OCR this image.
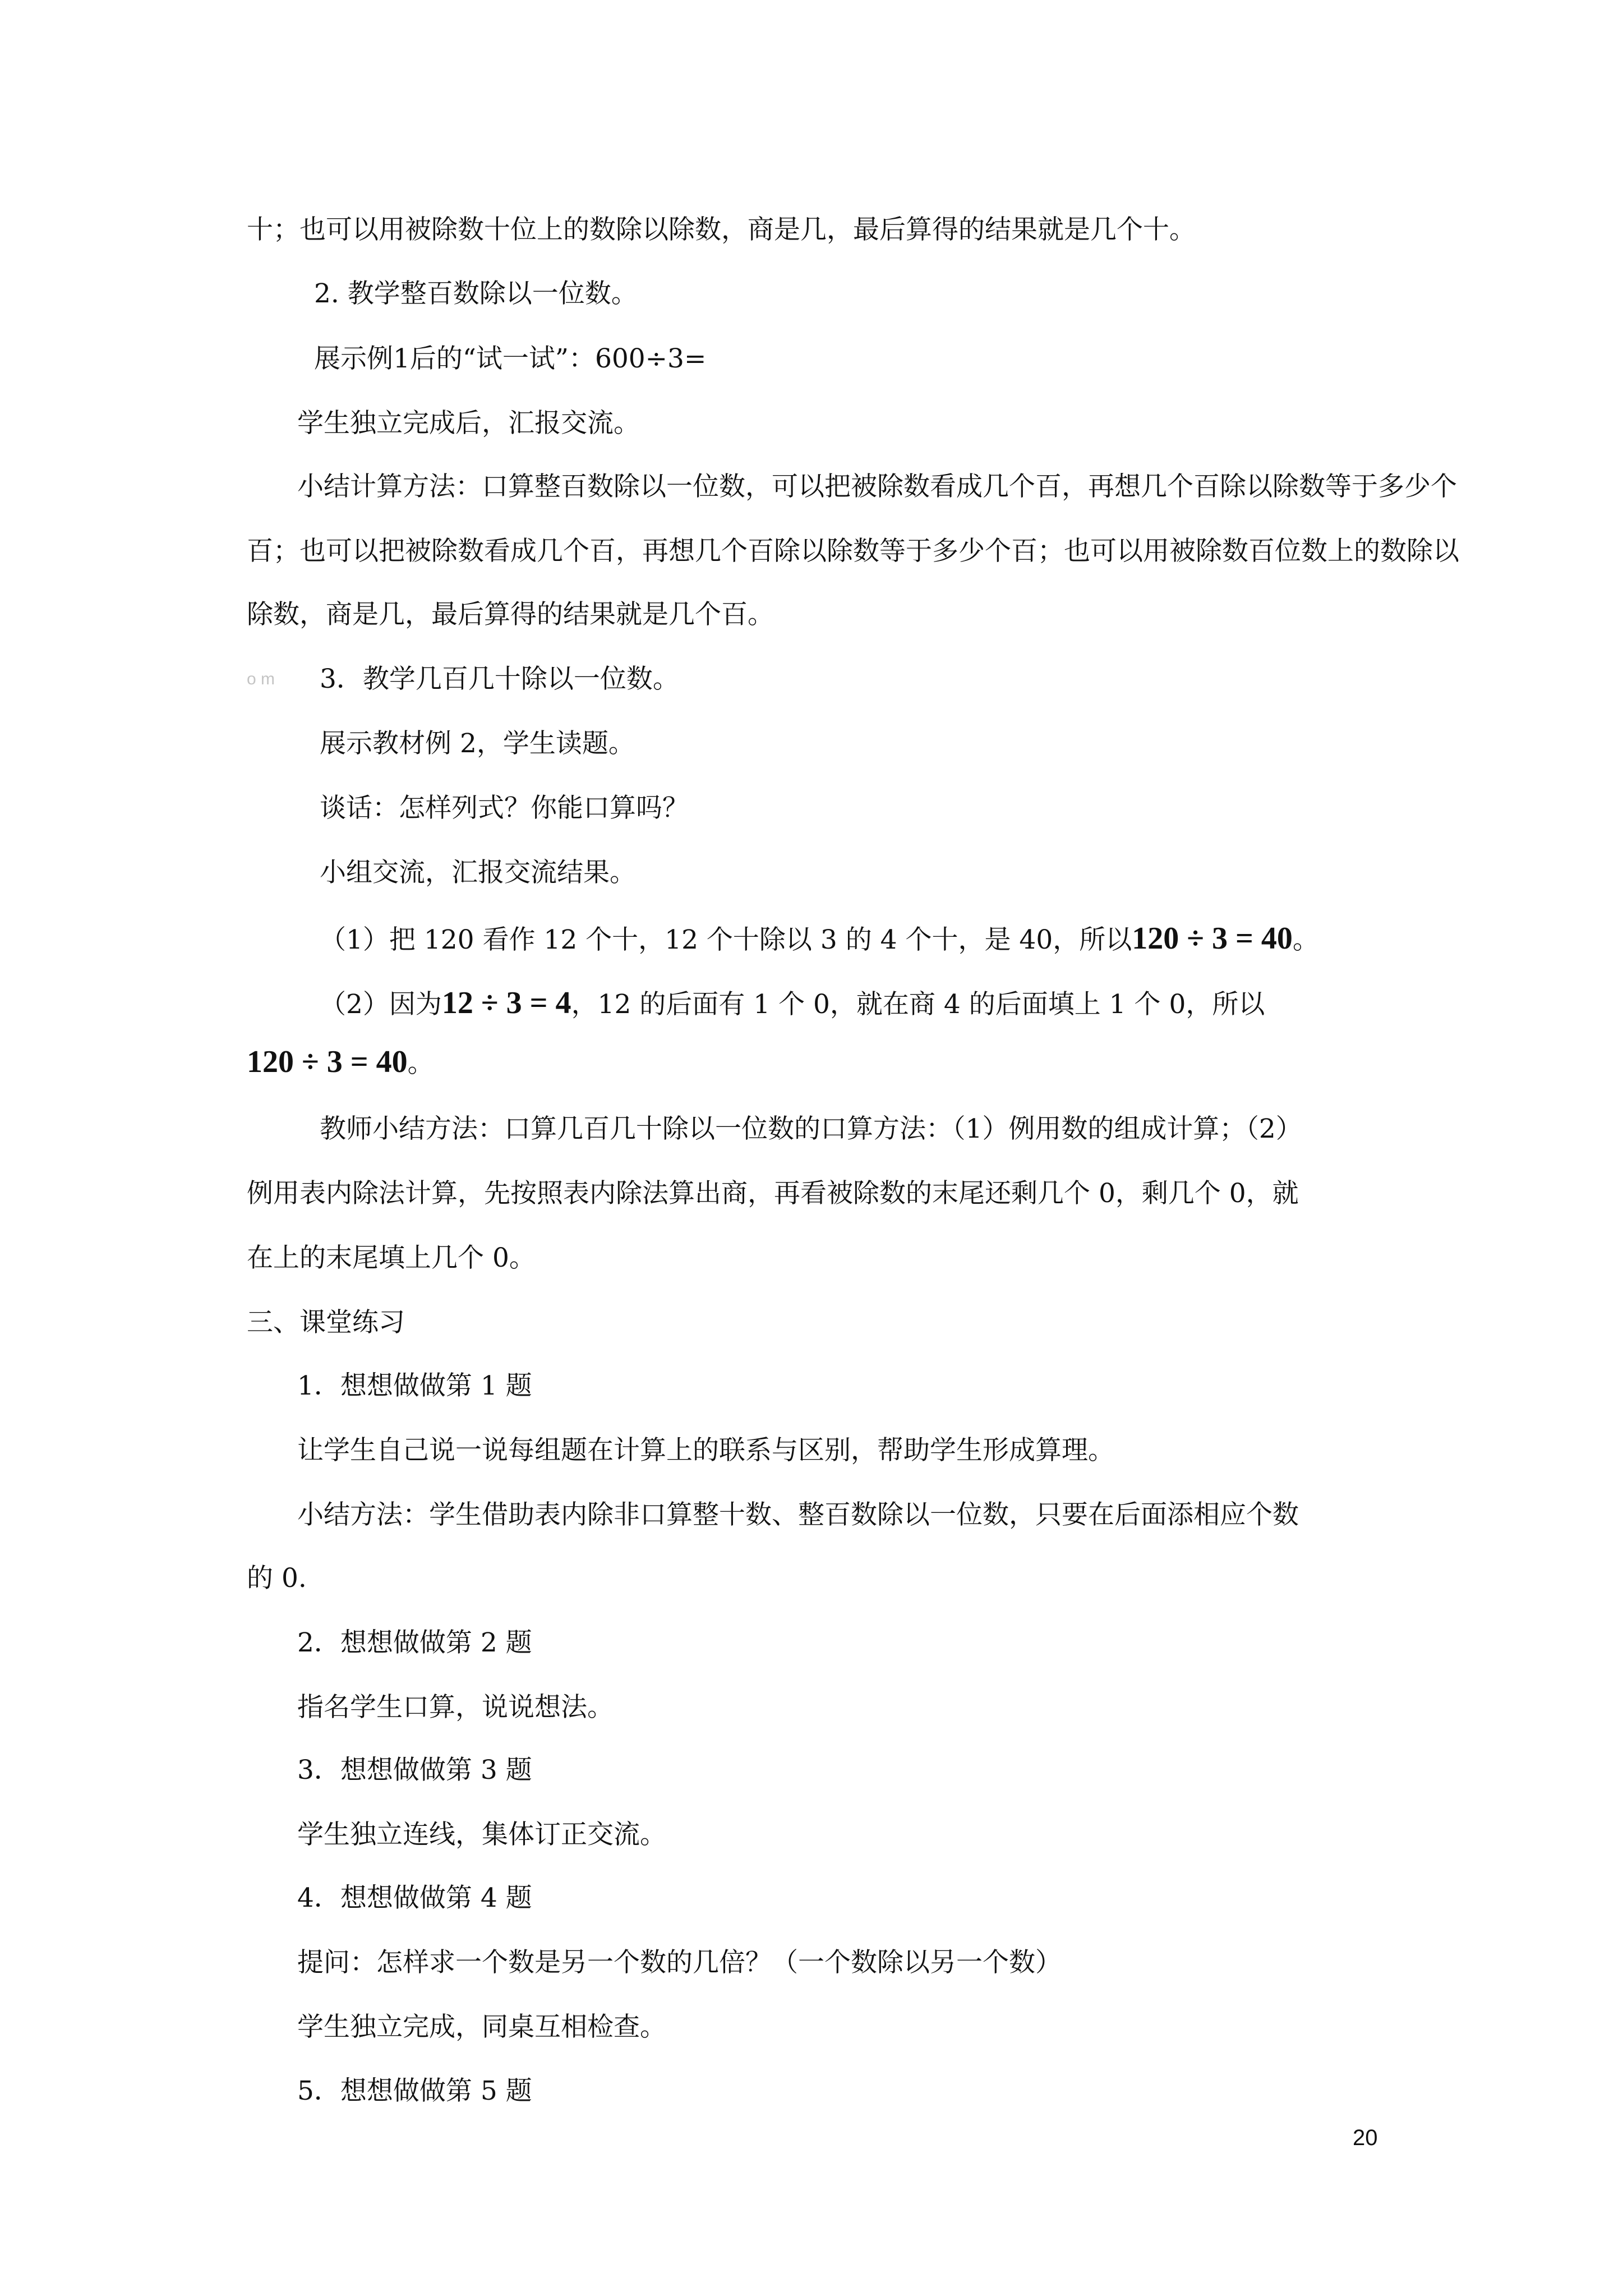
十；也可以用被除数十位上的数除以除数，商是几，最后算得的结果就是几个十。
2. 教学整百数除以一位数。
展示例1后的“试一试”：600÷3=
学生独立完成后，汇报交流。
小结计算方法：口算整百数除以一位数，可以把被除数看成几个百，再想几个百除以除数等于多少个
百；也可以把被除数看成几个百，再想几个百除以除数等于多少个百；也可以用被除数百位数上的数除以
除数，商是几，最后算得的结果就是几个百。
o m 3．教学几百几十除以一位数。
展示教材例 2，学生读题。
谈话：怎样列式？你能口算吗？
小组交流，汇报交流结果。
（1）把 120 看作 12 个十，12 个十除以 3 的 4 个十，是 40，所以120 ÷ 3 = 40。
（2）因为12 ÷ 3 = 4，12 的后面有 1 个 0，就在商 4 的后面填上 1 个 0，所以
120 ÷ 3 = 40。
教师小结方法：口算几百几十除以一位数的口算方法：（1）例用数的组成计算；（2）
例用表内除法计算，先按照表内除法算出商，再看被除数的末尾还剩几个 0，剩几个 0，就
在上的末尾填上几个 0。
三、课堂练习
1．想想做做第 1 题
让学生自己说一说每组题在计算上的联系与区别，帮助学生形成算理。
小结方法：学生借助表内除非口算整十数、整百数除以一位数，只要在后面添相应个数
的 0.
2．想想做做第 2 题
指名学生口算，说说想法。
3．想想做做第 3 题
学生独立连线，集体订正交流。
4．想想做做第 4 题
提问：怎样求一个数是另一个数的几倍？（一个数除以另一个数）
学生独立完成，同桌互相检查。
5．想想做做第 5 题
20
